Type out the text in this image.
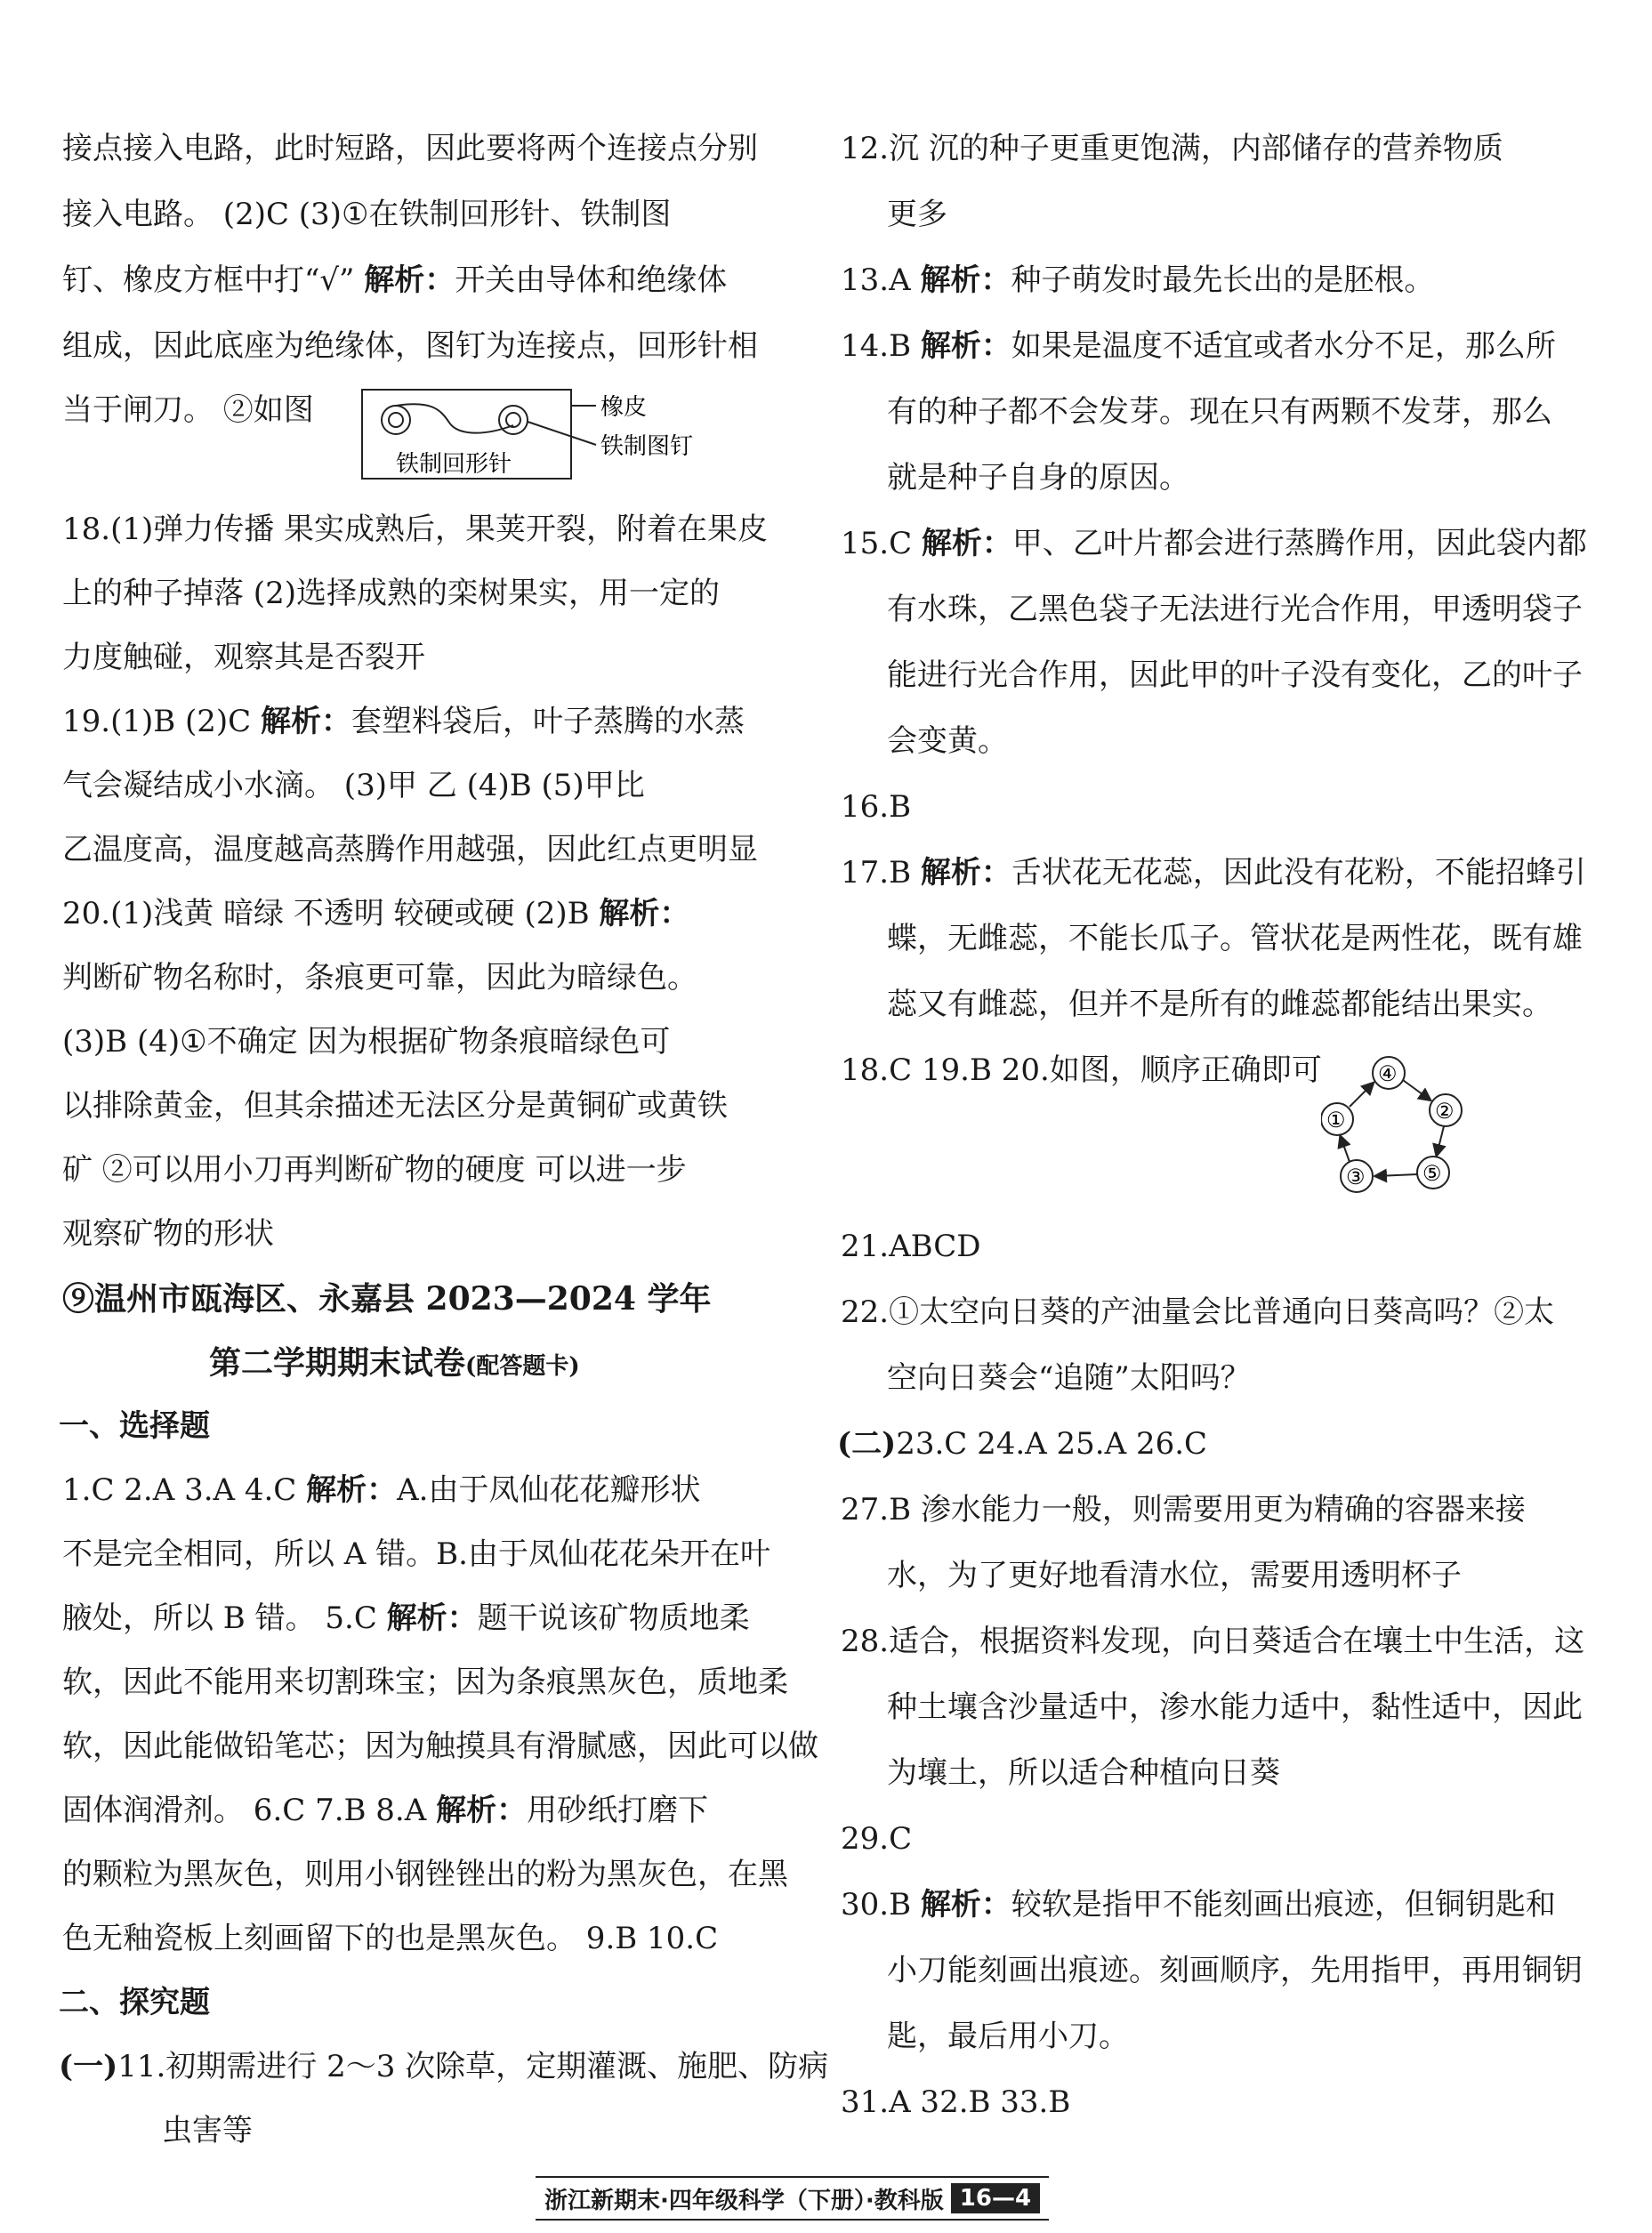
接点接入电路，此时短路，因此要将两个连接点分别
接入电路。 (2)C (3)①在铁制回形针、铁制图
钉、橡皮方框中打“√” 解析：开关由导体和绝缘体
组成，因此底座为绝缘体，图钉为连接点，回形针相
当于闸刀。 ②如图	橡皮
铁制图钉
铁制回形针
18.(1)弹力传播 果实成熟后，果荚开裂，附着在果皮
上的种子掉落 (2)选择成熟的栾树果实，用一定的
力度触碰，观察其是否裂开
19.(1)B (2)C 解析：套塑料袋后，叶子蒸腾的水蒸
气会凝结成小水滴。 (3)甲 乙 (4)B (5)甲比
乙温度高，温度越高蒸腾作用越强，因此红点更明显
20.(1)浅黄 暗绿 不透明 较硬或硬 (2)B 解析：
判断矿物名称时，条痕更可靠，因此为暗绿色。
(3)B (4)①不确定 因为根据矿物条痕暗绿色可
以排除黄金，但其余描述无法区分是黄铜矿或黄铁
矿 ②可以用小刀再判断矿物的硬度 可以进一步
观察矿物的形状
⑨温州市瓯海区、永嘉县 2023—2024 学年
第二学期期末试卷(配答题卡)
一、选择题
1.C 2.A 3.A 4.C 解析：A.由于凤仙花花瓣形状
不是完全相同，所以 A 错。B.由于凤仙花花朵开在叶
腋处，所以 B 错。 5.C 解析：题干说该矿物质地柔
软，因此不能用来切割珠宝；因为条痕黑灰色，质地柔
软，因此能做铅笔芯；因为触摸具有滑腻感，因此可以做
固体润滑剂。 6.C 7.B 8.A 解析：用砂纸打磨下
的颗粒为黑灰色，则用小钢锉锉出的粉为黑灰色，在黑
色无釉瓷板上刻画留下的也是黑灰色。 9.B 10.C
二、探究题
(一)11.初期需进行 2～3 次除草，定期灌溉、施肥、防病
虫害等
12.沉 沉的种子更重更饱满，内部储存的营养物质
更多
13.A 解析：种子萌发时最先长出的是胚根。
14.B 解析：如果是温度不适宜或者水分不足，那么所
有的种子都不会发芽。现在只有两颗不发芽，那么
就是种子自身的原因。
15.C 解析：甲、乙叶片都会进行蒸腾作用，因此袋内都
有水珠，乙黑色袋子无法进行光合作用，甲透明袋子
能进行光合作用，因此甲的叶子没有变化，乙的叶子
会变黄。
16.B
17.B 解析：舌状花无花蕊，因此没有花粉，不能招蜂引
蝶，无雌蕊，不能长瓜子。管状花是两性花，既有雄
蕊又有雌蕊，但并不是所有的雌蕊都能结出果实。
18.C 19.B 20.如图，顺序正确即可	④
②
①
⑤
③
21.ABCD
22.①太空向日葵的产油量会比普通向日葵高吗？②太
空向日葵会“追随”太阳吗？
(二)23.C 24.A 25.A 26.C
27.B 渗水能力一般，则需要用更为精确的容器来接
水，为了更好地看清水位，需要用透明杯子
28.适合，根据资料发现，向日葵适合在壤土中生活，这
种土壤含沙量适中，渗水能力适中，黏性适中，因此
为壤土，所以适合种植向日葵
29.C
30.B 解析：较软是指甲不能刻画出痕迹，但铜钥匙和
小刀能刻画出痕迹。刻画顺序，先用指甲，再用铜钥
匙，最后用小刀。
31.A 32.B 33.B
浙江新期末·四年级科学（下册）·教科版 16—4
